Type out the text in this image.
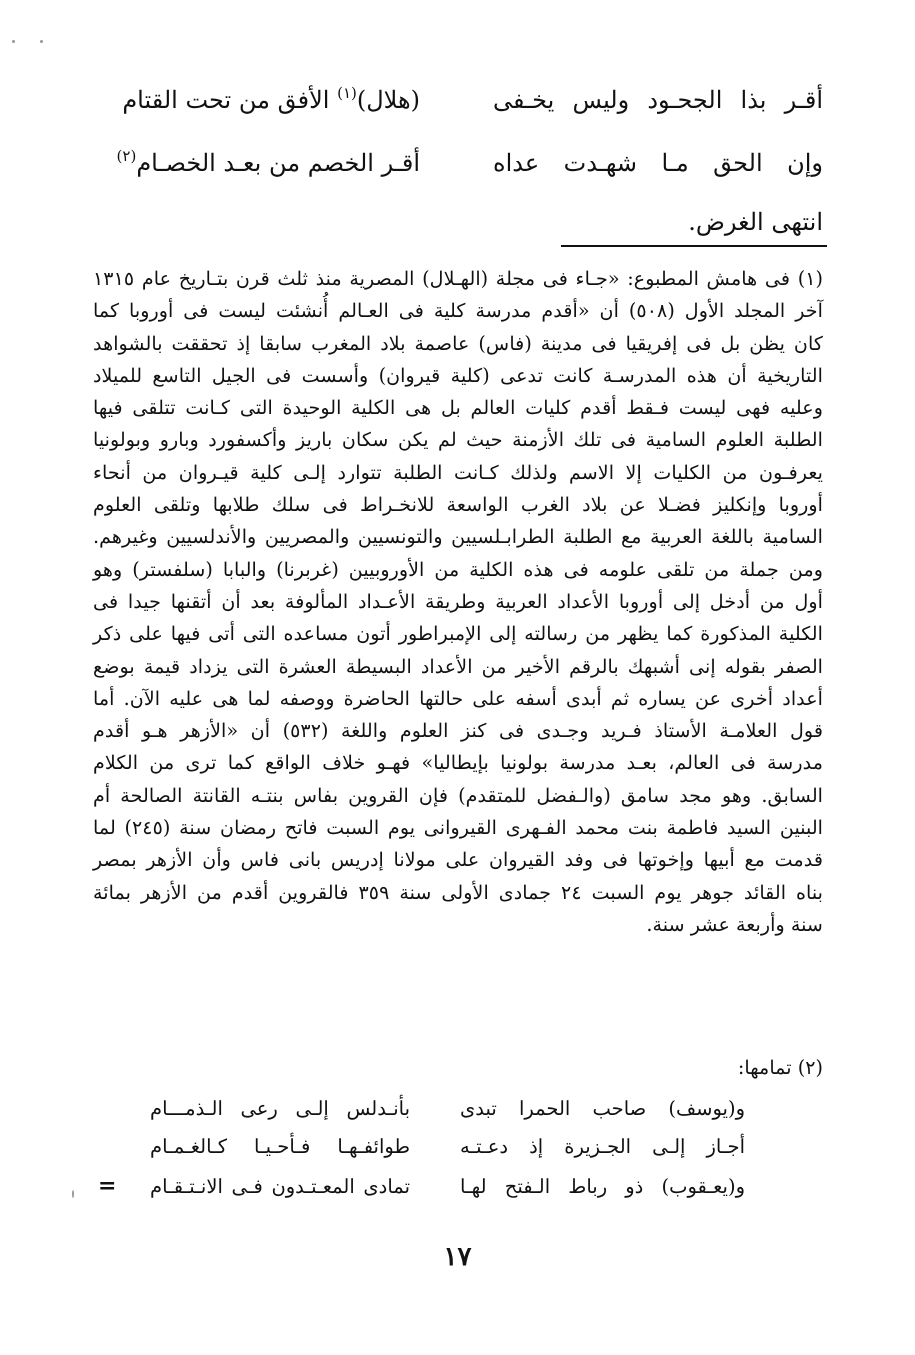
أقـر بذا الجحـود وليس يخـفى
(هلال)$^{(١)}$ الأفق من تحت القتام
وإن الحق مـا شهـدت عداه
أقـر الخصم من بعـد الخصـام$^{(٢)}$
انتهى الغرض.
(١) فى هامش المطبوع: «جـاء فى مجلة (الهـلال) المصرية منذ ثلث قرن بتـاريخ عام ١٣١٥
آخر المجلد الأول (٥٠٨) أن «أقدم مدرسة كلية فى العـالم أُنشئت ليست فى أوروبا كما
كان يظن بل فى إفريقيا فى مدينة (فاس) عاصمة بلاد المغرب سابقا إذ تحققت بالشواهد
التاريخية أن هذه المدرسـة كانت تدعى (كلية قيروان) وأسست فى الجيل التاسع للميلاد
وعليه فهى ليست فـقط أقدم كليات العالم بل هى الكلية الوحيدة التى كـانت تتلقى فيها
الطلبة العلوم السامية فى تلك الأزمنة حيث لم يكن سكان باريز وأكسفورد وبارو وبولونيا
يعرفـون من الكليات إلا الاسم ولذلك كـانت الطلبة تتوارد إلـى كلية قيـروان من أنحاء
أوروبا وإنكليز فضـلا عن بلاد الغرب الواسعة للانخـراط فى سلك طلابها وتلقى العلوم
السامية باللغة العربية مع الطلبة الطرابـلسيين والتونسيين والمصريين والأندلسيين وغيرهم.
ومن جملة من تلقى علومه فى هذه الكلية من الأوروبيين (غربرنا) والبابا (سلفستر) وهو
أول من أدخل إلى أوروبا الأعداد العربية وطريقة الأعـداد المألوفة بعد أن أتقنها جيدا فى
الكلية المذكورة كما يظهر من رسالته إلى الإمبراطور أتون مساعده التى أتى فيها على ذكر
الصفر بقوله إنى أشبهك بالرقم الأخير من الأعداد البسيطة العشرة التى يزداد قيمة بوضع
أعداد أخرى عن يساره ثم أبدى أسفه على حالتها الحاضرة ووصفه لما هى عليه الآن. أما
قول العلامـة الأستاذ فـريد وجـدى فى كنز العلوم واللغة (٥٣٢) أن «الأزهر هـو أقدم
مدرسة فى العالم، بعـد مدرسة بولونيا بإيطاليا» فهـو خلاف الواقع كما ترى من الكلام
السابق. وهو مجد سامق (والـفضل للمتقدم) فإن القروين بفاس بنتـه القانتة الصالحة أم
البنين السيد فاطمة بنت محمد الفـهرى القيروانى يوم السبت فاتح رمضان سنة (٢٤٥) لما
قدمت مع أبيها وإخوتها فى وفد القيروان على مولانا إدريس بانى فاس وأن الأزهر بمصر
بناه القائد جوهر يوم السبت ٢٤ جمادى الأولى سنة ٣٥٩ فالقروين أقدم من الأزهر بمائة
سنة وأربعة عشر سنة.
(٢) تمامها:
و(يوسف) صاحب الحمرا تبدى
بأنـدلس إلـى رعى الـذمـــام
أجـاز إلـى الجـزيرة إذ دعـتـه
طوائفـهـا فـأحـيـا كـالغـمـام
و(يعـقوب) ذو رباط الـفتح لهـا
تمادى المعـتـدون فـى الانـتـقـام
=
١٧
